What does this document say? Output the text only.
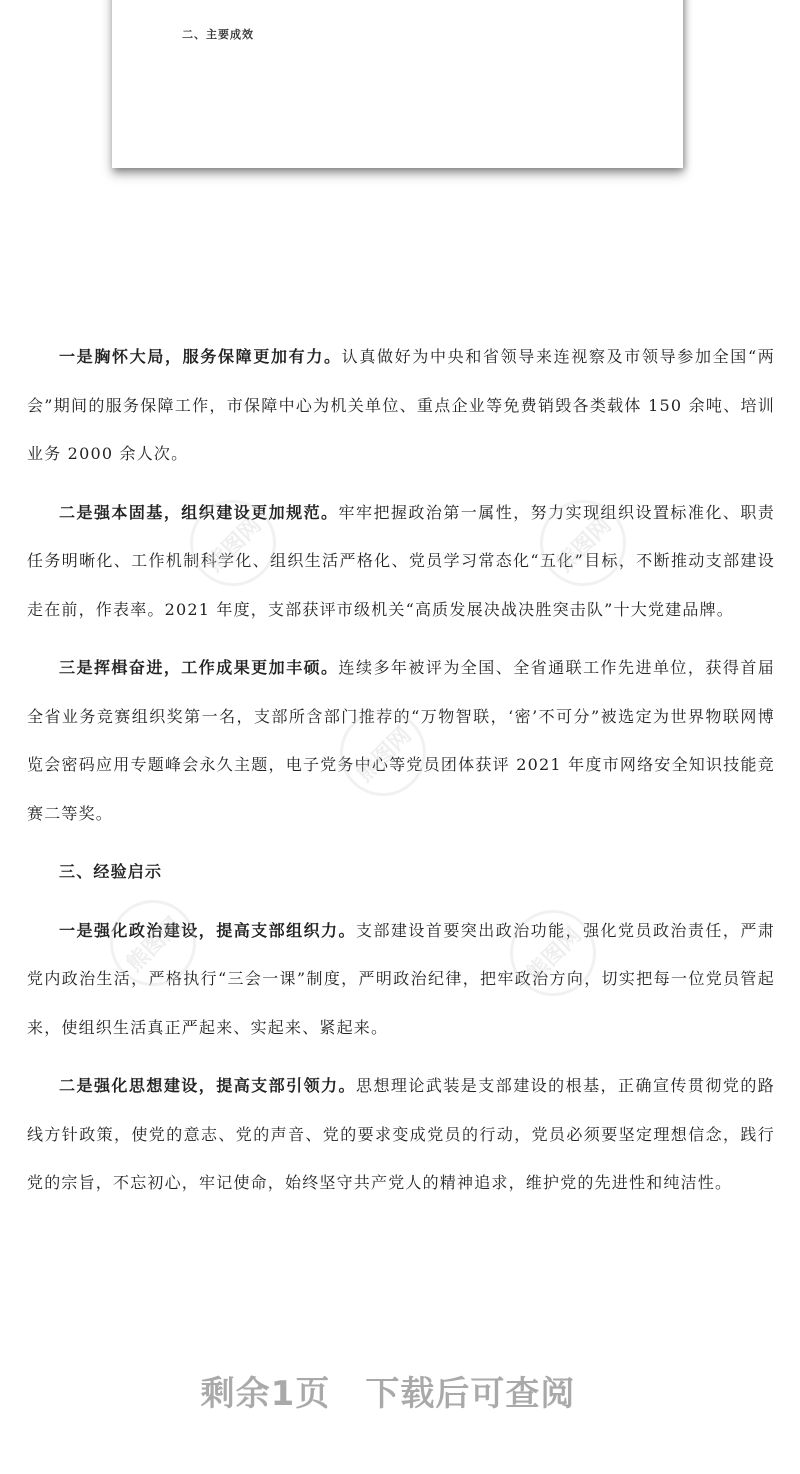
二、主要成效

一是胸怀大局，服务保障更加有力。认真做好为中央和省领导来连视察及市领导参加全国“两会”期间的服务保障工作，市保障中心为机关单位、重点企业等免费销毁各类载体 150 余吨、培训业务 2000 余人次。

二是强本固基，组织建设更加规范。牢牢把握政治第一属性，努力实现组织设置标准化、职责任务明晰化、工作机制科学化、组织生活严格化、党员学习常态化“五化”目标，不断推动支部建设走在前，作表率。2021 年度，支部获评市级机关“高质发展决战决胜突击队”十大党建品牌。

三是挥楫奋进，工作成果更加丰硕。连续多年被评为全国、全省通联工作先进单位，获得首届全省业务竞赛组织奖第一名，支部所含部门推荐的“万物智联，‘密’不可分”被选定为世界物联网博览会密码应用专题峰会永久主题，电子党务中心等党员团体获评 2021 年度市网络安全知识技能竞赛二等奖。

三、经验启示

一是强化政治建设，提高支部组织力。支部建设首要突出政治功能，强化党员政治责任，严肃党内政治生活，严格执行“三会一课”制度，严明政治纪律，把牢政治方向，切实把每一位党员管起来，使组织生活真正严起来、实起来、紧起来。

二是强化思想建设，提高支部引领力。思想理论武装是支部建设的根基，正确宣传贯彻党的路线方针政策，使党的意志、党的声音、党的要求变成党员的行动，党员必须要坚定理想信念，践行党的宗旨，不忘初心，牢记使命，始终坚守共产党人的精神追求，维护党的先进性和纯洁性。

熊图网	熊图网
熊图网
熊图网	熊图网
剩余1页　下载后可查阅
